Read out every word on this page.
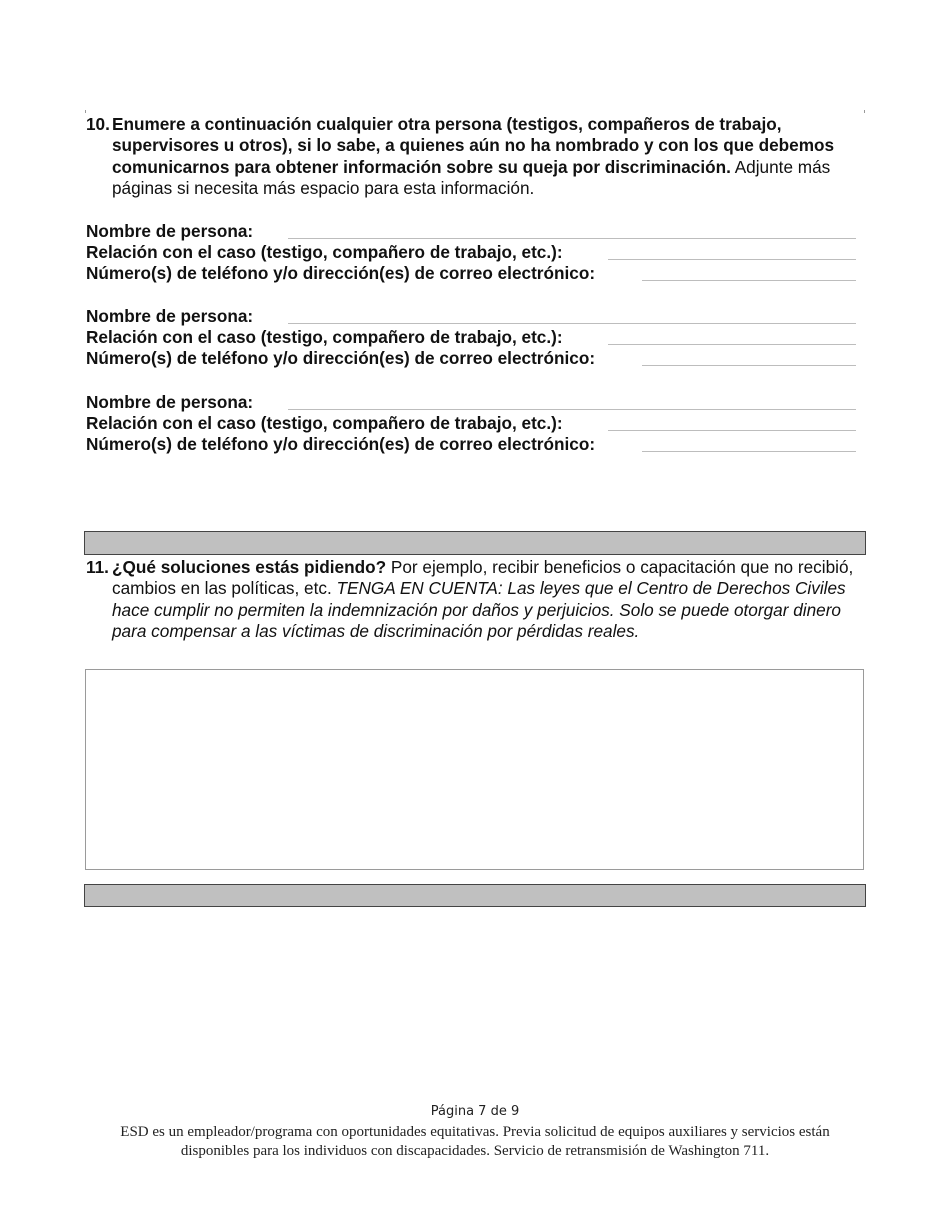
10. Enumere a continuación cualquier otra persona (testigos, compañeros de trabajo, supervisores u otros), si lo sabe, a quienes aún no ha nombrado y con los que debemos comunicarnos para obtener información sobre su queja por discriminación. Adjunte más páginas si necesita más espacio para esta información.
Nombre de persona:
Relación con el caso (testigo, compañero de trabajo, etc.):
Número(s) de teléfono y/o dirección(es) de correo electrónico:
Nombre de persona:
Relación con el caso (testigo, compañero de trabajo, etc.):
Número(s) de teléfono y/o dirección(es) de correo electrónico:
Nombre de persona:
Relación con el caso (testigo, compañero de trabajo, etc.):
Número(s) de teléfono y/o dirección(es) de correo electrónico:
11. ¿Qué soluciones estás pidiendo? Por ejemplo, recibir beneficios o capacitación que no recibió, cambios en las políticas, etc. TENGA EN CUENTA: Las leyes que el Centro de Derechos Civiles hace cumplir no permiten la indemnización por daños y perjuicios. Solo se puede otorgar dinero para compensar a las víctimas de discriminación por pérdidas reales.
Página 7 de 9
ESD es un empleador/programa con oportunidades equitativas. Previa solicitud de equipos auxiliares y servicios están
disponibles para los individuos con discapacidades. Servicio de retransmisión de Washington 711.
